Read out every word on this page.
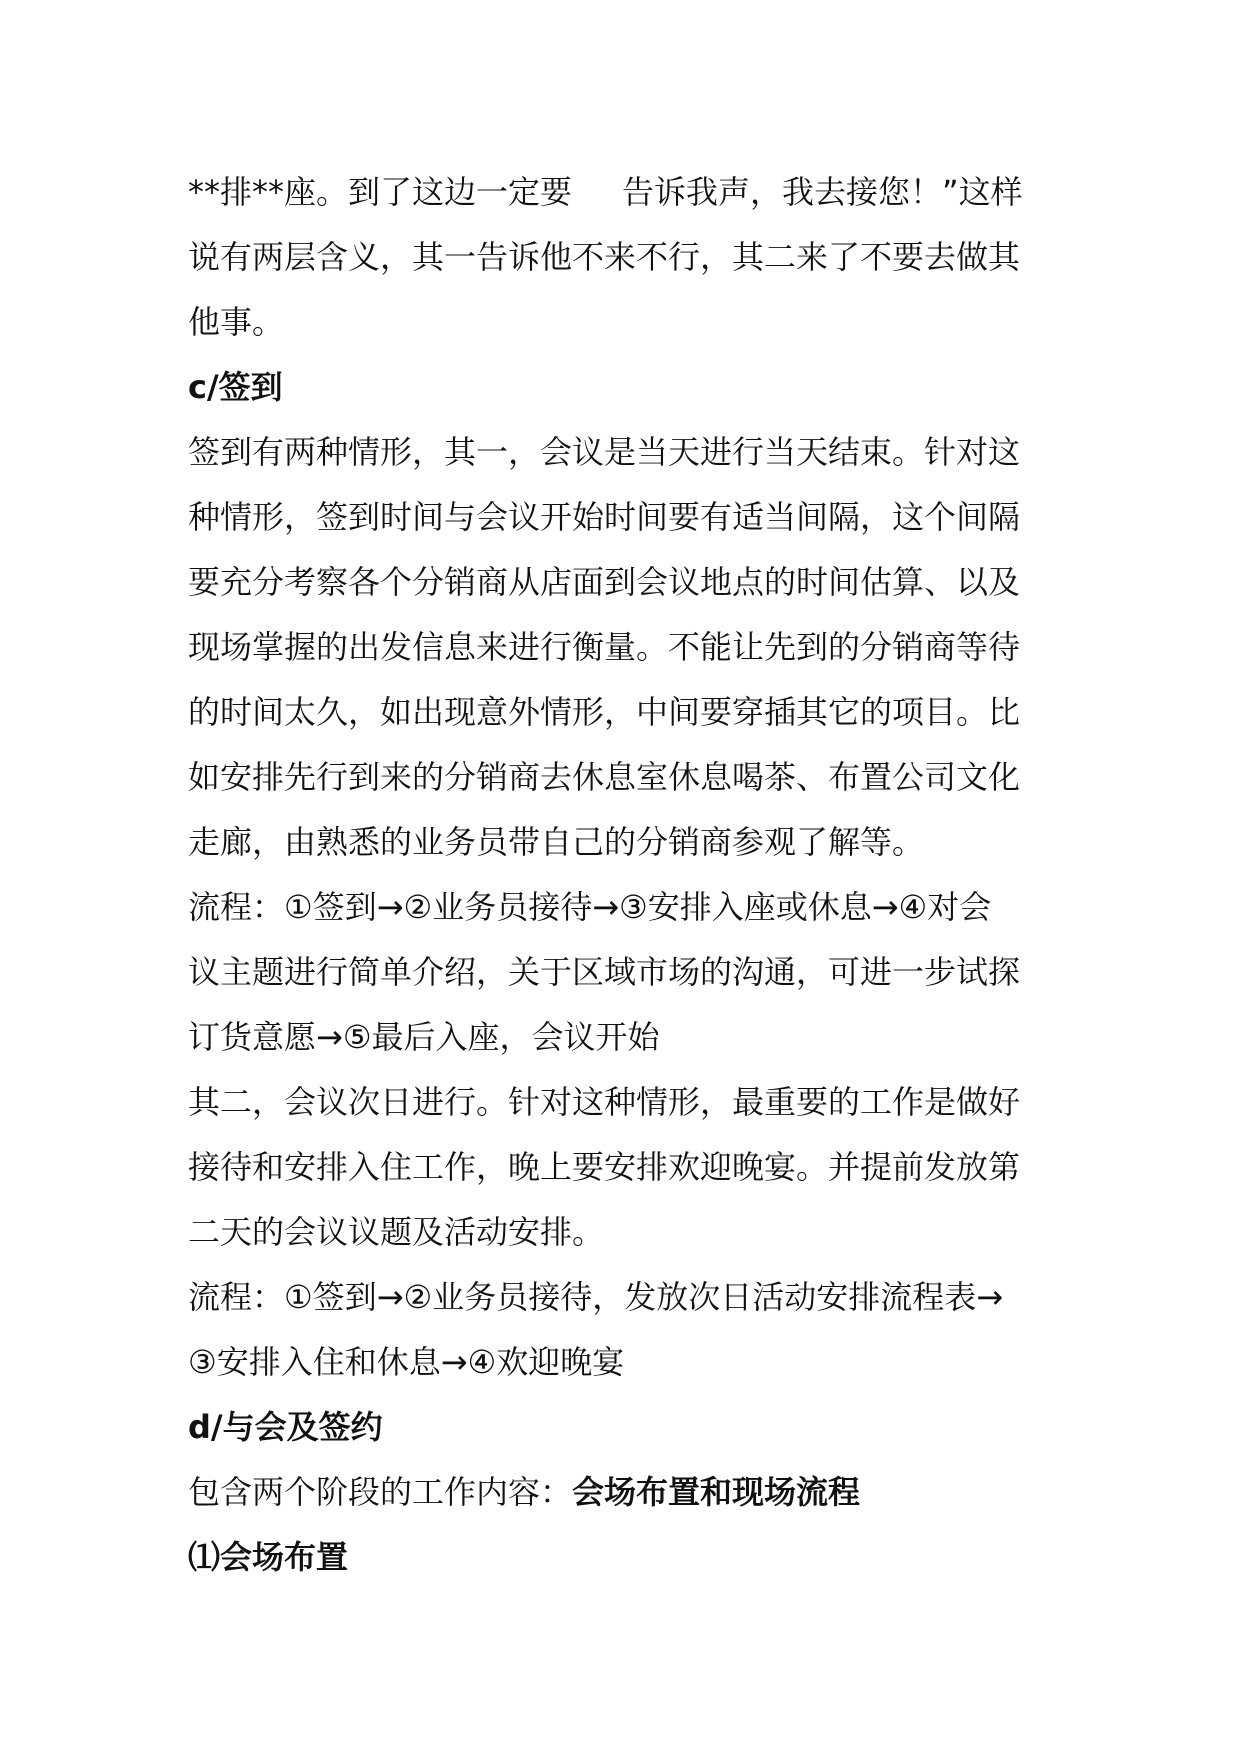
**排**座。到了这边一定要 告诉我声，我去接您！”这样
说有两层含义，其一告诉他不来不行，其二来了不要去做其
他事。
c/签到
签到有两种情形，其一，会议是当天进行当天结束。针对这
种情形，签到时间与会议开始时间要有适当间隔，这个间隔
要充分考察各个分销商从店面到会议地点的时间估算、以及
现场掌握的出发信息来进行衡量。不能让先到的分销商等待
的时间太久，如出现意外情形，中间要穿插其它的项目。比
如安排先行到来的分销商去休息室休息喝茶、布置公司文化
走廊，由熟悉的业务员带自己的分销商参观了解等。
流程：①签到→②业务员接待→③安排入座或休息→④对会
议主题进行简单介绍，关于区域市场的沟通，可进一步试探
订货意愿→⑤最后入座，会议开始
其二，会议次日进行。针对这种情形，最重要的工作是做好
接待和安排入住工作，晚上要安排欢迎晚宴。并提前发放第
二天的会议议题及活动安排。
流程：①签到→②业务员接待，发放次日活动安排流程表→
③安排入住和休息→④欢迎晚宴
d/与会及签约
包含两个阶段的工作内容：会场布置和现场流程
⑴会场布置
